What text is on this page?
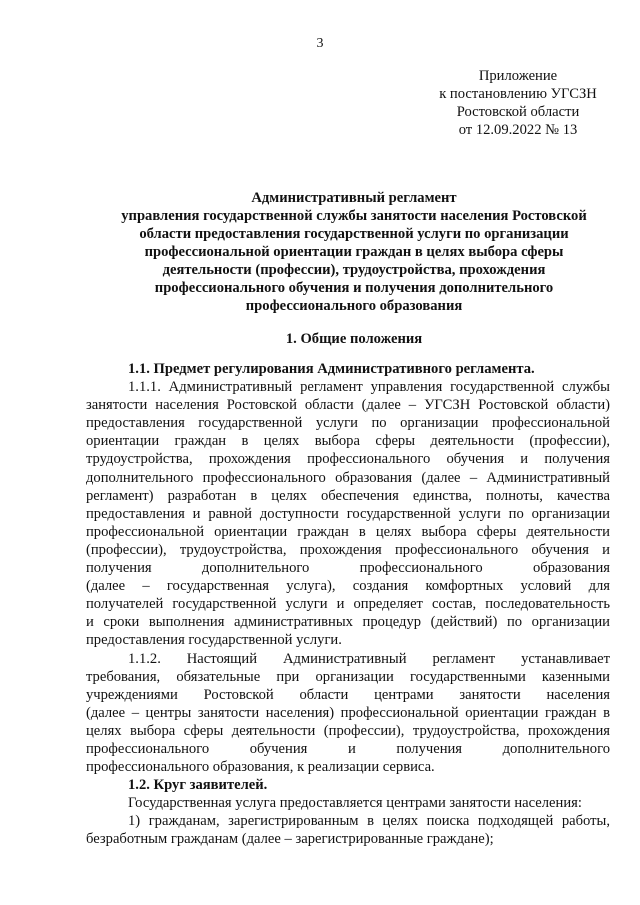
3
Приложение
к постановлению УГСЗН
Ростовской области
от 12.09.2022 № 13
Административный регламент
управления государственной службы занятости населения Ростовской
области предоставления государственной услуги по организации
профессиональной ориентации граждан в целях выбора сферы
деятельности (профессии), трудоустройства, прохождения
профессионального обучения и получения дополнительного
профессионального образования
1. Общие положения
1.1. Предмет регулирования Административного регламента.
1.1.1. Административный регламент управления государственной службы
занятости населения Ростовской области (далее – УГСЗН Ростовской области)
предоставления государственной услуги по организации профессиональной
ориентации граждан в целях выбора сферы деятельности (профессии),
трудоустройства, прохождения профессионального обучения и получения
дополнительного профессионального образования (далее – Административный
регламент) разработан в целях обеспечения единства, полноты, качества
предоставления и равной доступности государственной услуги по организации
профессиональной ориентации граждан в целях выбора сферы деятельности
(профессии), трудоустройства, прохождения профессионального обучения и
получения дополнительного профессионального образования
(далее – государственная услуга), создания комфортных условий для
получателей государственной услуги и определяет состав, последовательность
и сроки выполнения административных процедур (действий) по организации
предоставления государственной услуги.
1.1.2. Настоящий Административный регламент устанавливает
требования, обязательные при организации государственными казенными
учреждениями Ростовской области центрами занятости населения
(далее – центры занятости населения) профессиональной ориентации граждан в
целях выбора сферы деятельности (профессии), трудоустройства, прохождения
профессионального обучения и получения дополнительного
профессионального образования, к реализации сервиса.
1.2. Круг заявителей.
Государственная услуга предоставляется центрами занятости населения:
1) гражданам, зарегистрированным в целях поиска подходящей работы,
безработным гражданам (далее – зарегистрированные граждане);
